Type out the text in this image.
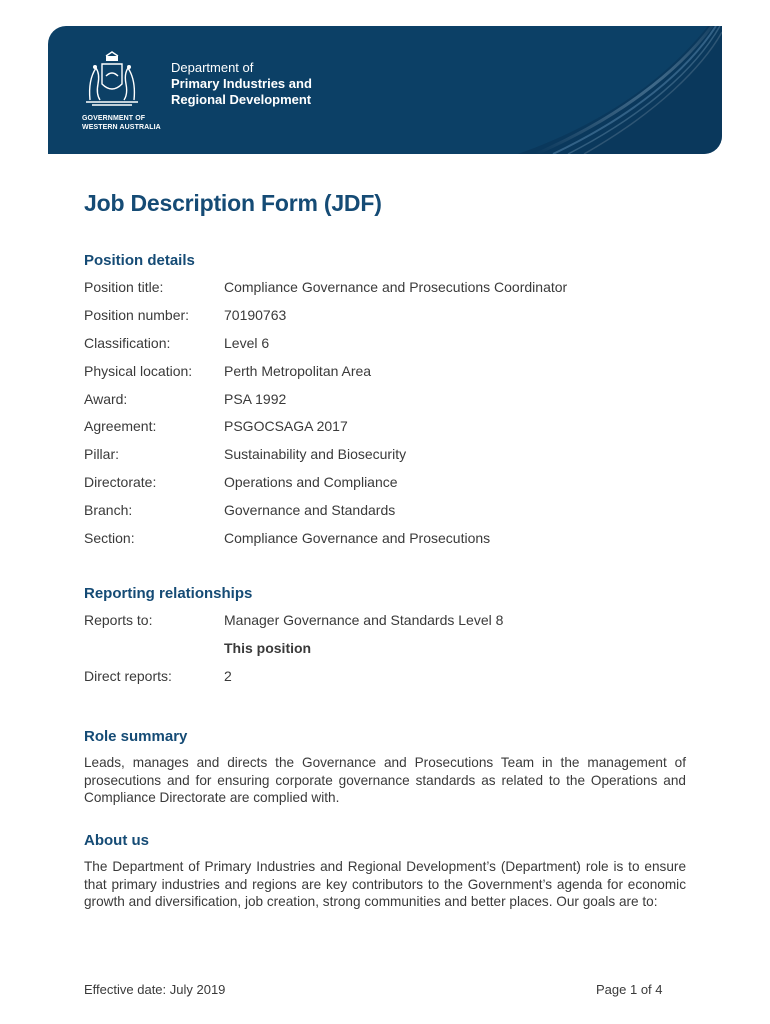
GOVERNMENT OF
WESTERN AUSTRALIA
Department of
Primary Industries and
Regional Development
Job Description Form (JDF)
Position details
Position title:	Compliance Governance and Prosecutions Coordinator
Position number: 70190763
Classification:	Level 6
Physical location: Perth Metropolitan Area
Award:	PSA 1992
Agreement:	PSGOCSAGA 2017
Pillar:	Sustainability and Biosecurity
Directorate:	Operations and Compliance
Branch:	Governance and Standards
Section:	Compliance Governance and Prosecutions
Reporting relationships
Reports to:	Manager Governance and Standards Level 8
This position
Direct reports:	2
Role summary
Leads, manages and directs the Governance and Prosecutions Team in the management of prosecutions and for ensuring corporate governance standards as related to the Operations and Compliance Directorate are complied with.
About us
The Department of Primary Industries and Regional Development’s (Department) role is to ensure that primary industries and regions are key contributors to the Government’s agenda for economic growth and diversification, job creation, strong communities and better places. Our goals are to:
Effective date: July 2019	Page 1 of 4
